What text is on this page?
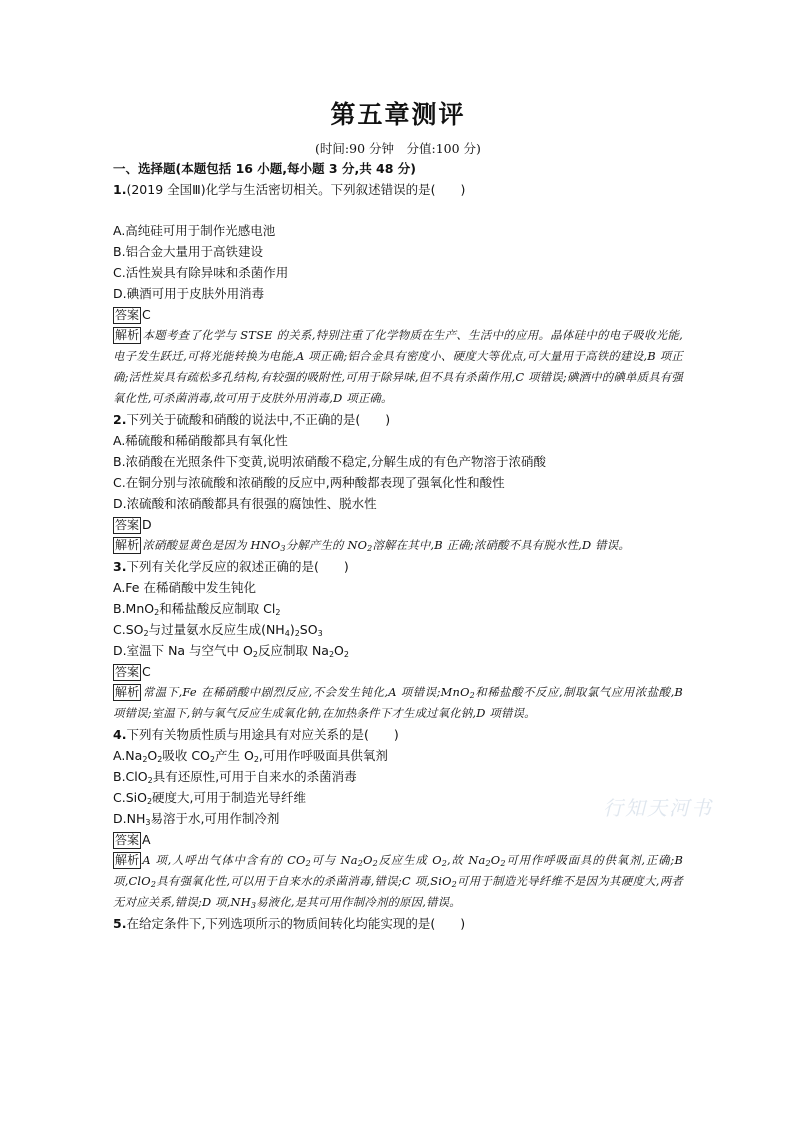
第五章测评
(时间:90 分钟　分值:100 分)
一、选择题(本题包括 16 小题,每小题 3 分,共 48 分)
1.(2019 全国Ⅲ)化学与生活密切相关。下列叙述错误的是(　　)
A.高纯硅可用于制作光感电池
B.铝合金大量用于高铁建设
C.活性炭具有除异味和杀菌作用
D.碘酒可用于皮肤外用消毒
答案 C
解析 本题考查了化学与 STSE 的关系,特别注重了化学物质在生产、生活中的应用。晶体硅中的电子吸收光能,电子发生跃迁,可将光能转换为电能,A 项正确;铝合金具有密度小、硬度大等优点,可大量用于高铁的建设,B 项正确;活性炭具有疏松多孔结构,有较强的吸附性,可用于除异味,但不具有杀菌作用,C 项错误;碘酒中的碘单质具有强氧化性,可杀菌消毒,故可用于皮肤外用消毒,D 项正确。
2.下列关于硫酸和硝酸的说法中,不正确的是(　　)
A.稀硫酸和稀硝酸都具有氧化性
B.浓硝酸在光照条件下变黄,说明浓硝酸不稳定,分解生成的有色产物溶于浓硝酸
C.在铜分别与浓硫酸和浓硝酸的反应中,两种酸都表现了强氧化性和酸性
D.浓硫酸和浓硝酸都具有很强的腐蚀性、脱水性
答案 D
解析 浓硝酸显黄色是因为 $HNO_3$分解产生的 $NO_2$溶解在其中,B 正确;浓硝酸不具有脱水性,D 错误。
3.下列有关化学反应的叙述正确的是(　　)
A.Fe 在稀硝酸中发生钝化
B.MnO$_2$和稀盐酸反应制取 $Cl_2$
$C.SO_2$与过量氨水反应生成$(NH_4)_2SO_3$
D.室温下 Na 与空气中 $O_2$反应制取 $Na_2O_2$
答案 C
解析 常温下,Fe 在稀硝酸中剧烈反应,不会发生钝化,A 项错误;MnO$_2$和稀盐酸不反应,制取氯气应用浓盐酸,B 项错误;室温下,钠与氧气反应生成氧化钠,在加热条件下才生成过氧化钠,D 项错误。
4.下列有关物质性质与用途具有对应关系的是(　　)
$A.Na_2O_2$吸收 $CO_2$产生 $O_2$,可用作呼吸面具供氧剂
B.ClO$_2$具有还原性,可用于自来水的杀菌消毒
C.SiO$_2$硬度大,可用于制造光导纤维
$D.NH_3$易溶于水,可用作制冷剂
答案 A
解析 A 项,人呼出气体中含有的 $CO_2$可与 $Na_2O_2$反应生成 $O_2$,故 $Na_2O_2$可用作呼吸面具的供氧剂,正确;B 项,ClO$_2$具有强氧化性,可以用于自来水的杀菌消毒,错误;C 项,SiO$_2$可用于制造光导纤维不是因为其硬度大,两者无对应关系,错误;D 项$,NH_3$易液化,是其可用作制冷剂的原因,错误。
5.在给定条件下,下列选项所示的物质间转化均能实现的是(　　)
行知天河书
